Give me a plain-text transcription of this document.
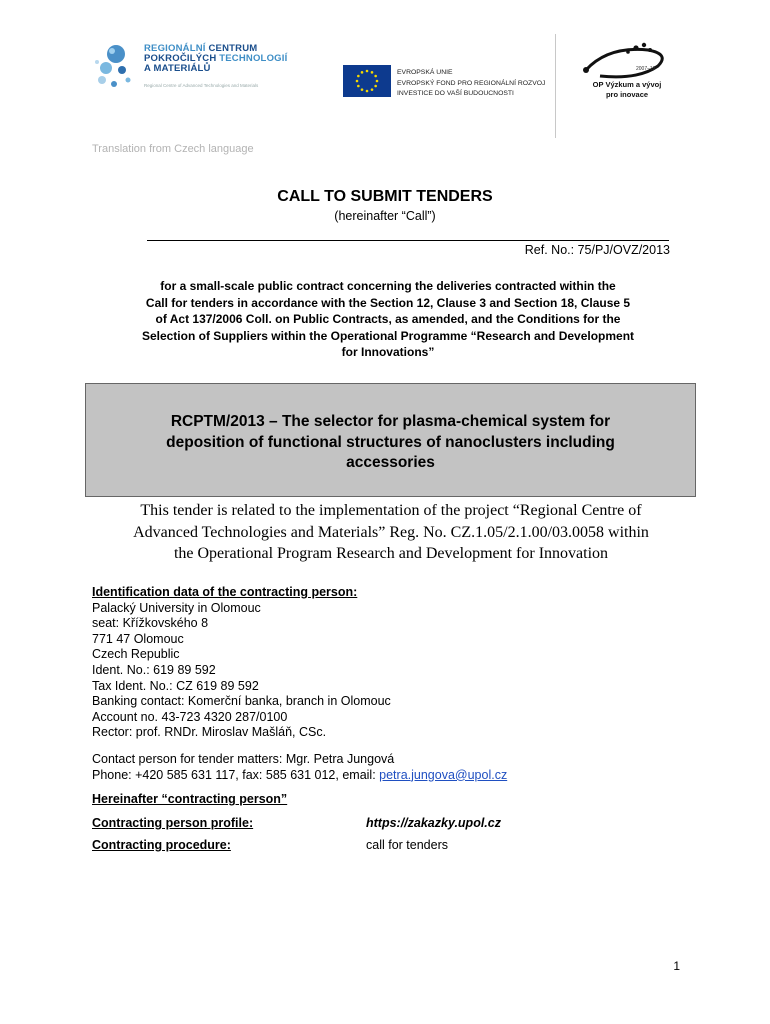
REGIONÁLNÍ CENTRUM
POKROČILÝCH TECHNOLOGIÍ
A MATERIÁLŮ
Regional Centre of Advanced Technologies and Materials
EVROPSKÁ UNIE
EVROPSKÝ FOND PRO REGIONÁLNÍ ROZVOJ
INVESTICE DO VAŠÍ BUDOUCNOSTI
2007–13
OP Výzkum a vývoj
pro inovace
Translation from Czech language
CALL TO SUBMIT TENDERS
(hereinafter “Call”)
Ref. No.: 75/PJ/OVZ/2013
for a small-scale public contract concerning the deliveries contracted within the
Call for tenders in accordance with the Section 12, Clause 3 and Section 18, Clause 5
of Act 137/2006 Coll. on Public Contracts, as amended, and the Conditions for the
Selection of Suppliers within the Operational Programme “Research and Development
for Innovations”
RCPTM/2013 – The selector for plasma-chemical system for
deposition of functional structures of nanoclusters including
accessories
This tender is related to the implementation of the project “Regional Centre of
Advanced Technologies and Materials” Reg. No. CZ.1.05/2.1.00/03.0058 within
the Operational Program Research and Development for Innovation
Identification data of the contracting person:
Palacký University in Olomouc
seat: Křížkovského 8
771 47 Olomouc
Czech Republic
Ident. No.: 619 89 592
Tax Ident. No.: CZ 619 89 592
Banking contact: Komerční banka, branch in Olomouc
Account no. 43-723 4320 287/0100
Rector: prof. RNDr. Miroslav Mašláň, CSc.
Contact person for tender matters: Mgr. Petra Jungová
Phone: +420 585 631 117, fax: 585 631 012, email: petra.jungova@upol.cz
Hereinafter “contracting person”
Contracting person profile:	https://zakazky.upol.cz
Contracting procedure:	call for tenders
1
